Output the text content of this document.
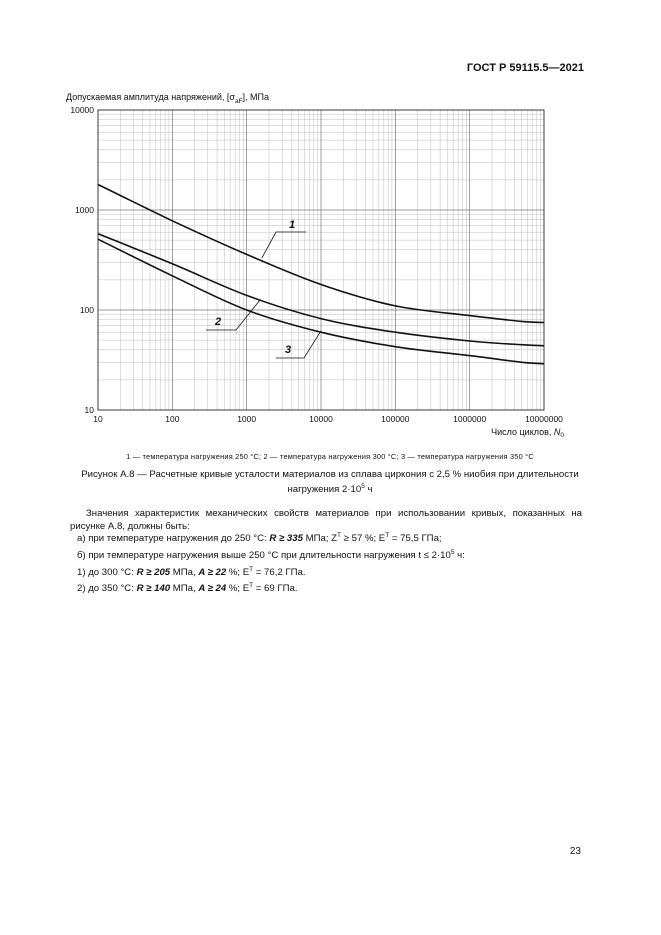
ГОСТ Р 59115.5—2021
Допускаемая амплитуда напряжений, $[\sigma_{aF}]$, МПа
10	100	1000	10000	100000	1000000	10000000
10
100
1000
10000
Число циклов, $N_0$
1
2
3
1 — температура нагружения 250 °С; 2 — температура нагружения 300 °С; 3 — температура нагружения 350 °С
Рисунок А.8 — Расчетные кривые усталости материалов из сплава циркония с 2,5 % ниобия при длительности
нагружения $2\cdot 10^5$ ч
Значения характеристик механических свойств материалов при использовании кривых, показанных на рисунке А.8, должны быть:
а) при температуре нагружения до 250 °С: R ≥ 335 МПа; $Z^T \ge 57$ %; $E^T = 75,5$ ГПа;
б) при температуре нагружения выше 250 °С при длительности нагружения $t \le 2\cdot 10^5$ ч:
1) до 300 °С: R ≥ 205 МПа, A ≥ 22 %; $E^T = 76,2$ ГПа.
2) до 350 °С: R ≥ 140 МПа, A ≥ 24 %; $E^T = 69$ ГПа.
23
